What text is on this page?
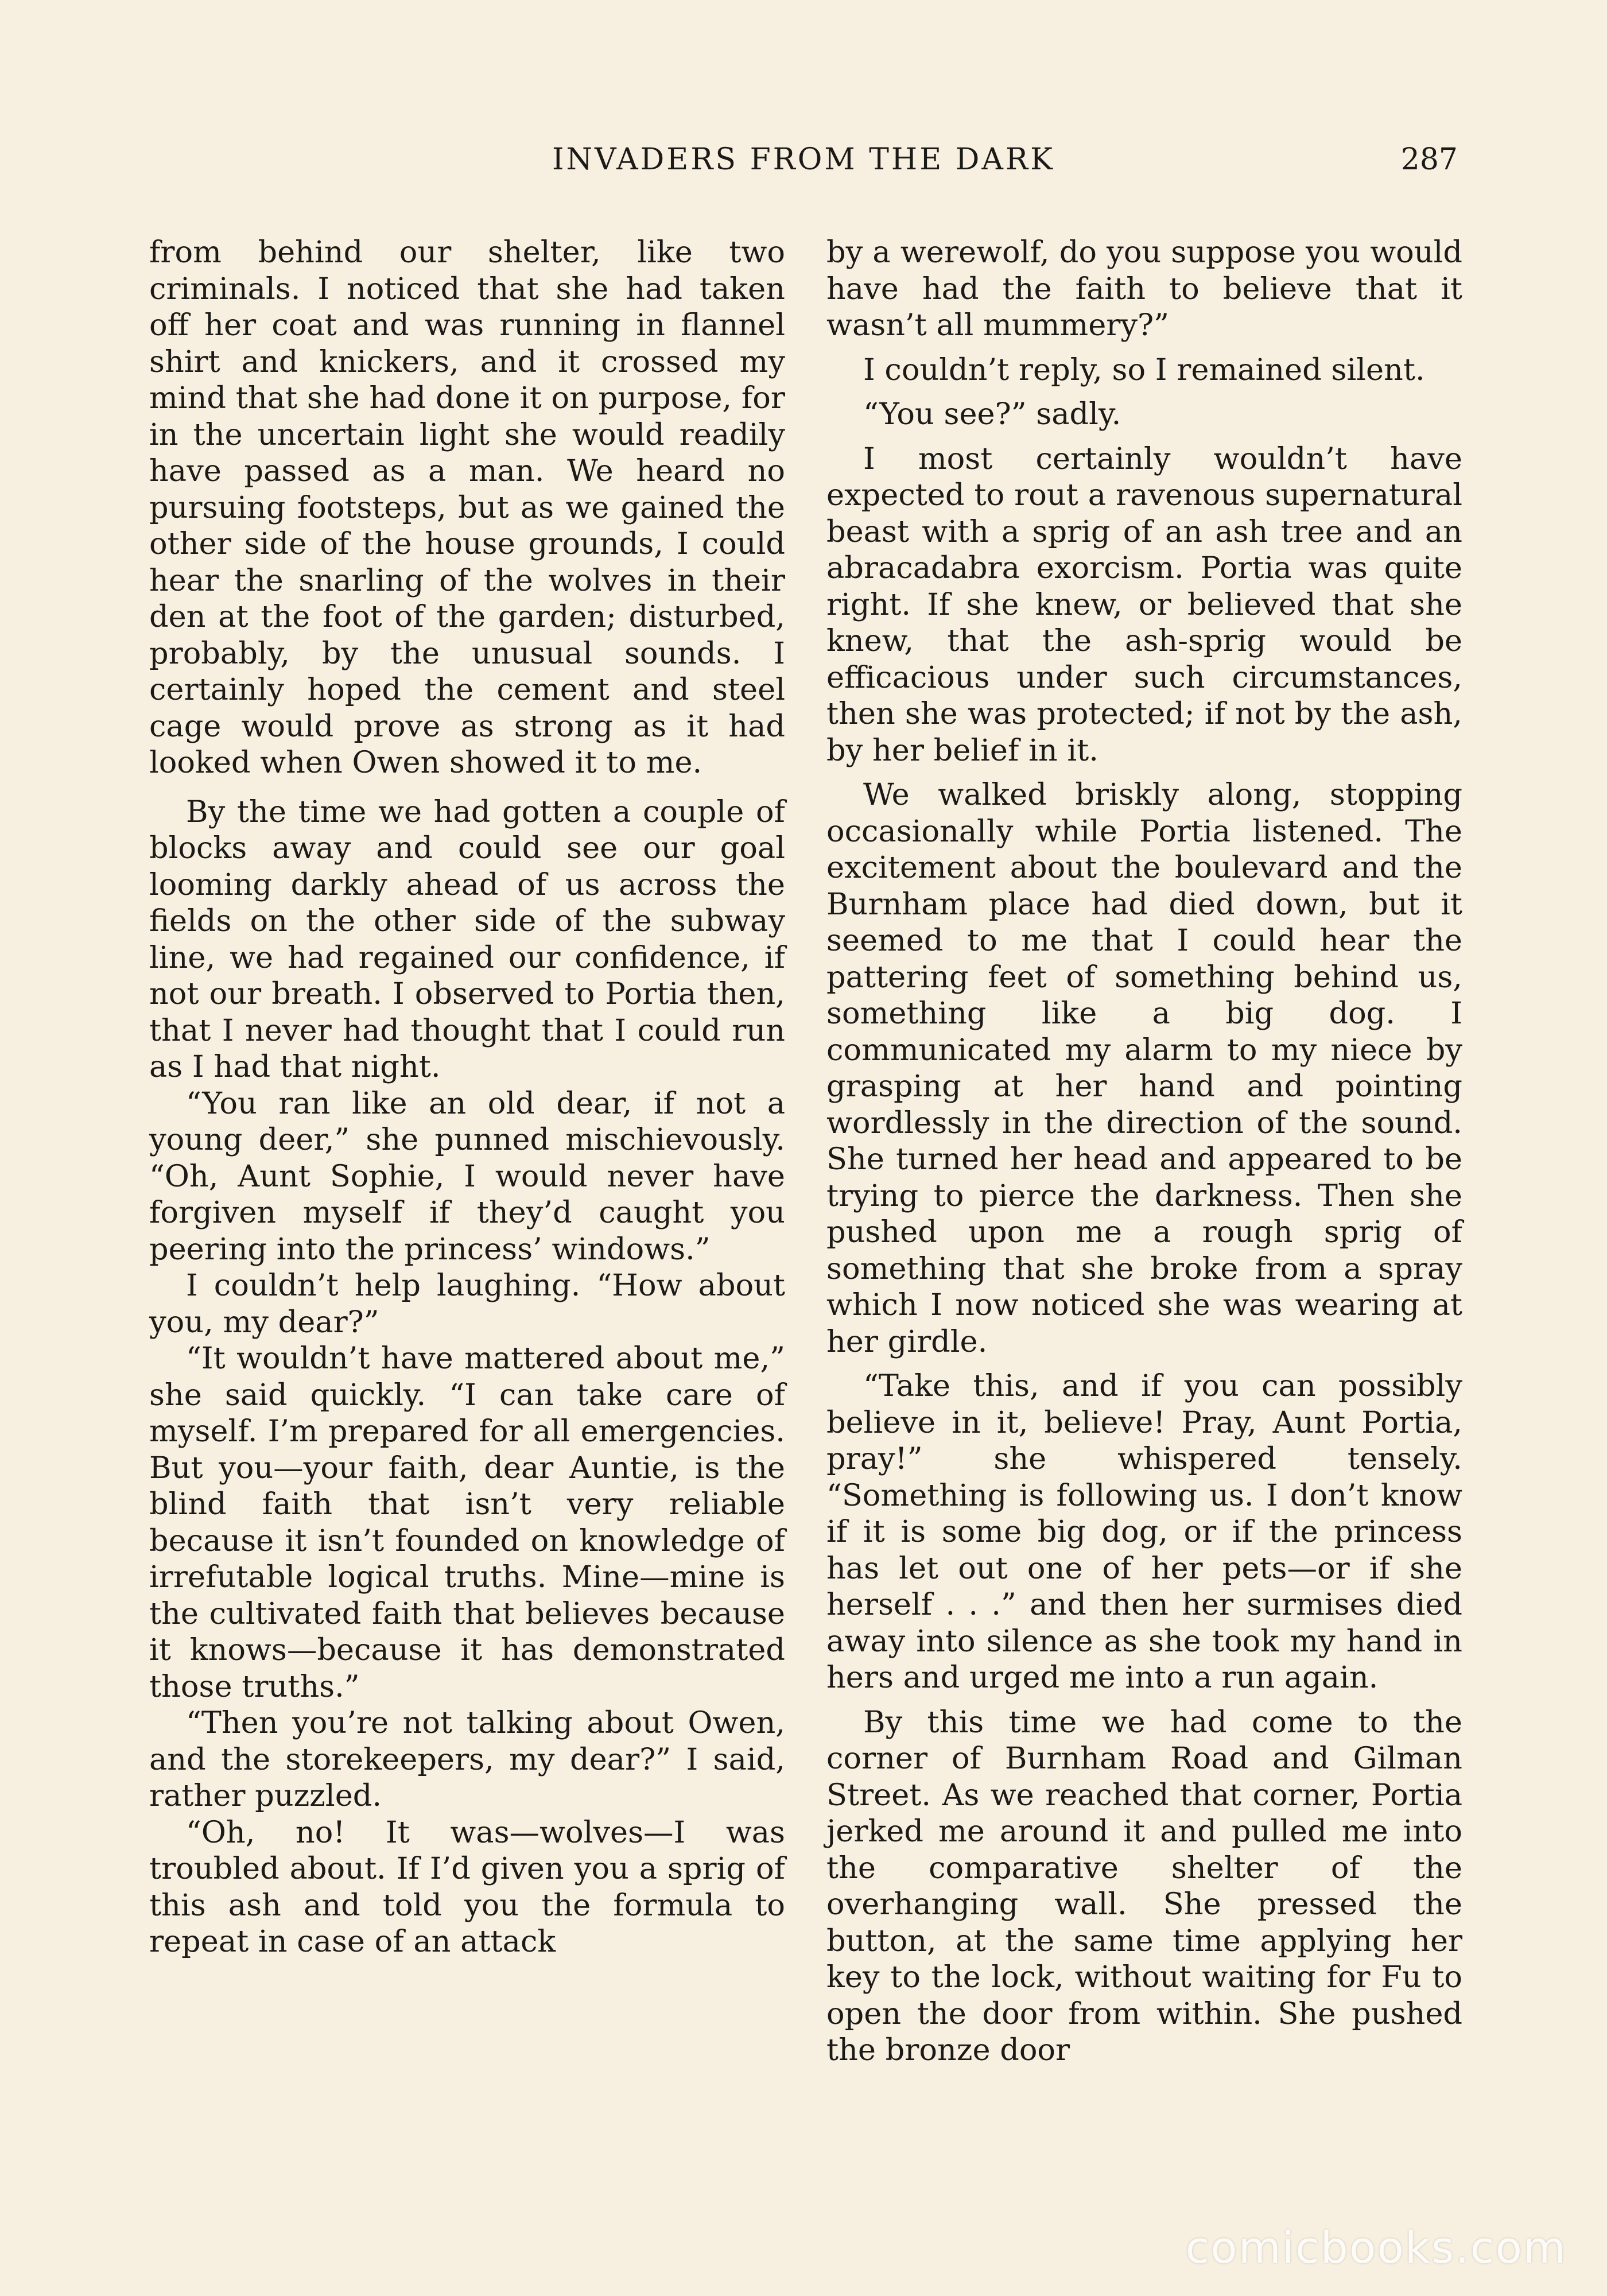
INVADERS FROM THE DARK	287

from behind our shelter, like two criminals. I noticed that she had taken off her coat and was running in flannel shirt and knickers, and it crossed my mind that she had done it on purpose, for in the uncertain light she would readily have passed as a man. We heard no pursuing footsteps, but as we gained the other side of the house grounds, I could hear the snarling of the wolves in their den at the foot of the garden; disturbed, probably, by the unusual sounds. I certainly hoped the cement and steel cage would prove as strong as it had looked when Owen showed it to me.

By the time we had gotten a couple of blocks away and could see our goal looming darkly ahead of us across the fields on the other side of the subway line, we had regained our confidence, if not our breath. I observed to Portia then, that I never had thought that I could run as I had that night.

“You ran like an old dear, if not a young deer,” she punned mischievously. “Oh, Aunt Sophie, I would never have forgiven myself if they’d caught you peering into the princess’ windows.”

I couldn’t help laughing. “How about you, my dear?”

“It wouldn’t have mattered about me,” she said quickly. “I can take care of myself. I’m prepared for all emergencies. But you—your faith, dear Auntie, is the blind faith that isn’t very reliable because it isn’t founded on knowledge of irrefutable logical truths. Mine—mine is the cultivated faith that believes because it knows—because it has demonstrated those truths.”

“Then you’re not talking about Owen, and the storekeepers, my dear?” I said, rather puzzled.

“Oh, no! It was—wolves—I was troubled about. If I’d given you a sprig of this ash and told you the formula to repeat in case of an attack

by a werewolf, do you suppose you would have had the faith to believe that it wasn’t all mummery?”

I couldn’t reply, so I remained silent.

“You see?” sadly.

I most certainly wouldn’t have expected to rout a ravenous supernatural beast with a sprig of an ash tree and an abracadabra exorcism. Portia was quite right. If she knew, or believed that she knew, that the ash-sprig would be efficacious under such circumstances, then she was protected; if not by the ash, by her belief in it.

We walked briskly along, stopping occasionally while Portia listened. The excitement about the boulevard and the Burnham place had died down, but it seemed to me that I could hear the pattering feet of something behind us, something like a big dog. I communicated my alarm to my niece by grasping at her hand and pointing wordlessly in the direction of the sound. She turned her head and appeared to be trying to pierce the darkness. Then she pushed upon me a rough sprig of something that she broke from a spray which I now noticed she was wearing at her girdle.

“Take this, and if you can possibly believe in it, believe! Pray, Aunt Portia, pray!” she whispered tensely. “Something is following us. I don’t know if it is some big dog, or if the princess has let out one of her pets—or if she herself . . .” and then her surmises died away into silence as she took my hand in hers and urged me into a run again.

By this time we had come to the corner of Burnham Road and Gilman Street. As we reached that corner, Portia jerked me around it and pulled me into the comparative shelter of the overhanging wall. She pressed the button, at the same time applying her key to the lock, without waiting for Fu to open the door from within. She pushed the bronze door

comicbooks.com
